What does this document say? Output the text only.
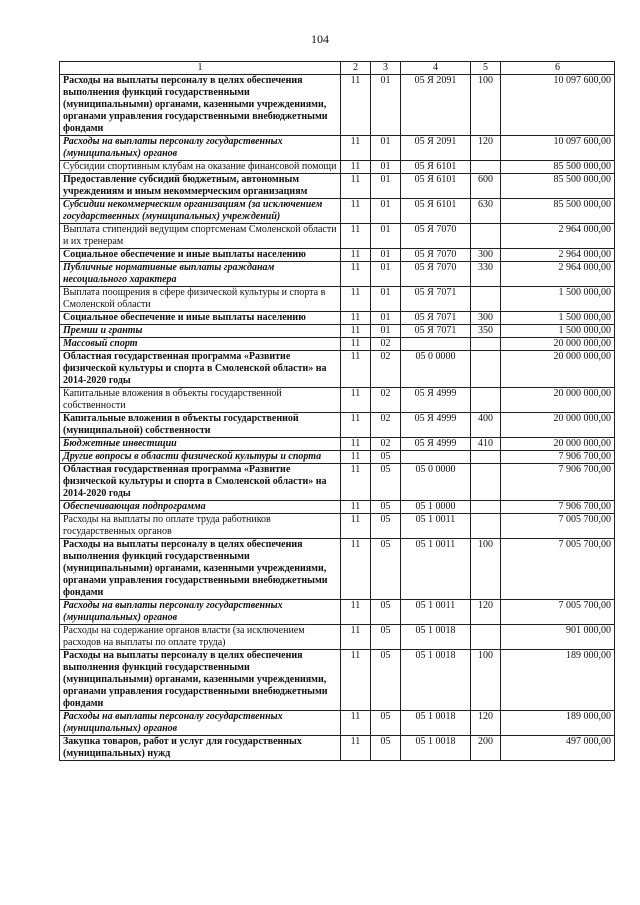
104
1	2	3	4	5	6
Расходы на выплаты персоналу в целях обеспечения выполнения функций государственными (муниципальными) органами, казенными учреждениями, органами управления государственными внебюджетными фондами	11	01	05 Я 2091	100	10 097 600,00
Расходы на выплаты персоналу государственных (муниципальных) органов	11	01	05 Я 2091	120	10 097 600,00
Субсидии спортивным клубам на оказание финансовой помощи	11	01	05 Я 6101		85 500 000,00
Предоставление субсидий бюджетным, автономным учреждениям и иным некоммерческим организациям	11	01	05 Я 6101	600	85 500 000,00
Субсидии некоммерческим организациям (за исключением государственных (муниципальных) учреждений)	11	01	05 Я 6101	630	85 500 000,00
Выплата стипендий ведущим спортсменам Смоленской области и их тренерам	11	01	05 Я 7070		2 964 000,00
Социальное обеспечение и иные выплаты населению	11	01	05 Я 7070	300	2 964 000,00
Публичные нормативные выплаты гражданам несоциального характера	11	01	05 Я 7070	330	2 964 000,00
Выплата поощрения в сфере физической культуры и спорта в Смоленской области	11	01	05 Я 7071		1 500 000,00
Социальное обеспечение и иные выплаты населению	11	01	05 Я 7071	300	1 500 000,00
Премии и гранты	11	01	05 Я 7071	350	1 500 000,00
Массовый спорт	11	02			20 000 000,00
Областная государственная программа «Развитие физической культуры и спорта в Смоленской области» на 2014-2020 годы	11	02	05 0 0000		20 000 000,00
Капитальные вложения в объекты государственной собственности	11	02	05 Я 4999		20 000 000,00
Капитальные вложения в объекты государственной (муниципальной) собственности	11	02	05 Я 4999	400	20 000 000,00
Бюджетные инвестиции	11	02	05 Я 4999	410	20 000 000,00
Другие вопросы в области физической культуры и спорта	11	05			7 906 700,00
Областная государственная программа «Развитие физической культуры и спорта в Смоленской области» на 2014-2020 годы	11	05	05 0 0000		7 906 700,00
Обеспечивающая подпрограмма	11	05	05 1 0000		7 906 700,00
Расходы на выплаты по оплате труда работников государственных органов	11	05	05 1 0011		7 005 700,00
Расходы на выплаты персоналу в целях обеспечения выполнения функций государственными (муниципальными) органами, казенными учреждениями, органами управления государственными внебюджетными фондами	11	05	05 1 0011	100	7 005 700,00
Расходы на выплаты персоналу государственных (муниципальных) органов	11	05	05 1 0011	120	7 005 700,00
Расходы на содержание органов власти (за исключением расходов на выплаты по оплате труда)	11	05	05 1 0018		901 000,00
Расходы на выплаты персоналу в целях обеспечения выполнения функций государственными (муниципальными) органами, казенными учреждениями, органами управления государственными внебюджетными фондами	11	05	05 1 0018	100	189 000,00
Расходы на выплаты персоналу государственных (муниципальных) органов	11	05	05 1 0018	120	189 000,00
Закупка товаров, работ и услуг для государственных (муниципальных) нужд	11	05	05 1 0018	200	497 000,00
